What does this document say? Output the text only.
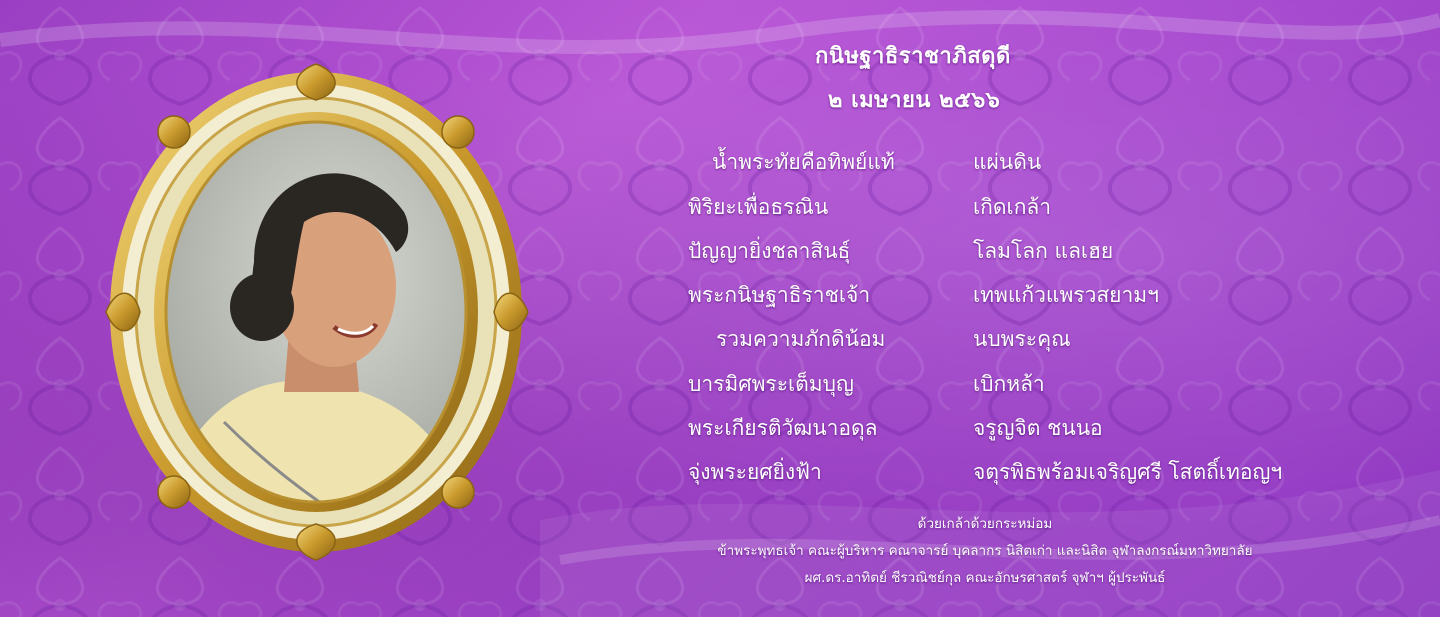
กนิษฐาธิราชาภิสดุดี
๒ เมษายน ๒๕๖๖
น้ำพระทัยคือทิพย์แท้	แผ่นดิน
พิริยะเพื่อธรณิน	เกิดเกล้า
ปัญญายิ่งชลาสินธุ์	โลมโลก แลเฮย
พระกนิษฐาธิราชเจ้า	เทพแก้วแพรวสยามฯ
รวมความภักดิน้อม	นบพระคุณ
บารมิศพระเต็มบุญ	เบิกหล้า
พระเกียรติวัฒนาอดุล	จรูญจิต ชนนอ
จุ่งพระยศยิ่งฟ้า	จตุรพิธพร้อมเจริญศรี โสตถิ์เทอญฯ
ด้วยเกล้าด้วยกระหม่อม
ข้าพระพุทธเจ้า คณะผู้บริหาร คณาจารย์ บุคลากร นิสิตเก่า และนิสิต จุฬาลงกรณ์มหาวิทยาลัย
ผศ.ดร.อาทิตย์ ชีรวณิชย์กุล คณะอักษรศาสตร์ จุฬาฯ ผู้ประพันธ์
